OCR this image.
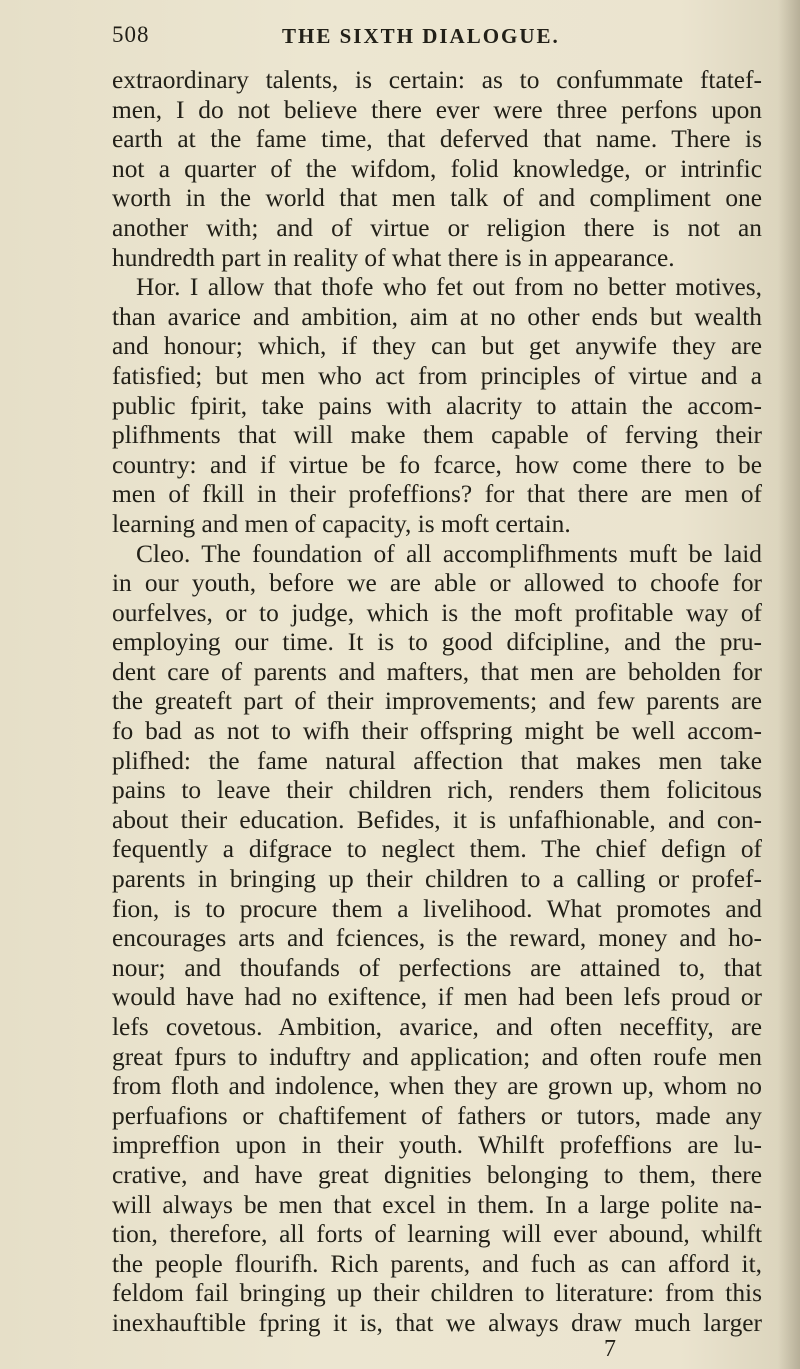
508	THE SIXTH DIALOGUE.
extraordinary talents, is certain: as to confummate ftatef-
men, I do not believe there ever were three perfons upon
earth at the fame time, that deferved that name. There is
not a quarter of the wifdom, folid knowledge, or intrinfic
worth in the world that men talk of and compliment one
another with; and of virtue or religion there is not an
hundredth part in reality of what there is in appearance.
Hor. I allow that thofe who fet out from no better motives,
than avarice and ambition, aim at no other ends but wealth
and honour; which, if they can but get anywife they are
fatisfied; but men who act from principles of virtue and a
public fpirit, take pains with alacrity to attain the accom-
plifhments that will make them capable of ferving their
country: and if virtue be fo fcarce, how come there to be
men of fkill in their profeffions? for that there are men of
learning and men of capacity, is moft certain.
Cleo. The foundation of all accomplifhments muft be laid
in our youth, before we are able or allowed to choofe for
ourfelves, or to judge, which is the moft profitable way of
employing our time. It is to good difcipline, and the pru-
dent care of parents and mafters, that men are beholden for
the greateft part of their improvements; and few parents are
fo bad as not to wifh their offspring might be well accom-
plifhed: the fame natural affection that makes men take
pains to leave their children rich, renders them folicitous
about their education. Befides, it is unfafhionable, and con-
fequently a difgrace to neglect them. The chief defign of
parents in bringing up their children to a calling or profef-
fion, is to procure them a livelihood. What promotes and
encourages arts and fciences, is the reward, money and ho-
nour; and thoufands of perfections are attained to, that
would have had no exiftence, if men had been lefs proud or
lefs covetous. Ambition, avarice, and often neceffity, are
great fpurs to induftry and application; and often roufe men
from floth and indolence, when they are grown up, whom no
perfuafions or chaftifement of fathers or tutors, made any
impreffion upon in their youth. Whilft profeffions are lu-
crative, and have great dignities belonging to them, there
will always be men that excel in them. In a large polite na-
tion, therefore, all forts of learning will ever abound, whilft
the people flourifh. Rich parents, and fuch as can afford it,
feldom fail bringing up their children to literature: from this
inexhauftible fpring it is, that we always draw much larger
7
